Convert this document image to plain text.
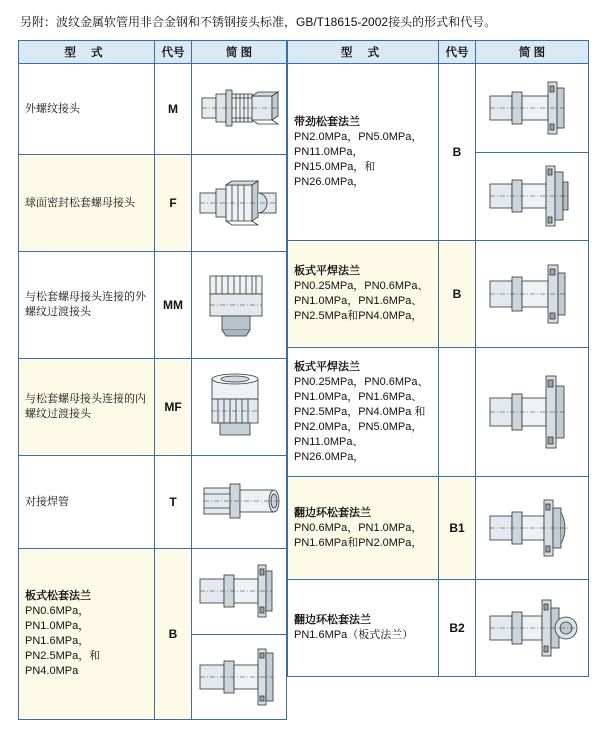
另附：波纹金属软管用非合金钢和不锈钢接头标准，GB/T18615-2002接头的形式和代号。
型 式	代号	简 图
外螺纹接头	M	

球面密封松套螺母接头	F	

与松套螺母接头连接的外螺纹过渡接头	MM	

与松套螺母接头连接的内螺纹过渡接头	MF	

对接焊管	T	

板式松套法兰
PN0.6MPa，PN1.0MPa，PN1.6MPa，PN2.5MPa，和PN4.0MPa	B	

型 式	代号	简 图
带劲松套法兰
PN2.0MPa，PN5.0MPa，PN11.0MPa，PN15.0MPa，和PN26.0MPa，	B	

板式平焊法兰
PN0.25MPa，PN0.6MPa、PN1.0MPa，PN1.6MPa、PN2.5MPa和PN4.0MPa，	B	

板式平焊法兰
PN0.25MPa，PN0.6MPa、PN1.0MPa，PN1.6MPa、PN2.5MPa，PN4.0MPa 和PN2.0MPa，PN5.0MPa，PN11.0MPa、PN26.0MPa，		

翻边环松套法兰
PN0.6MPa，PN1.0MPa，PN1.6MPa和PN2.0MPa，	B1	

翻边环松套法兰
PN1.6MPa（板式法兰）	B2	
